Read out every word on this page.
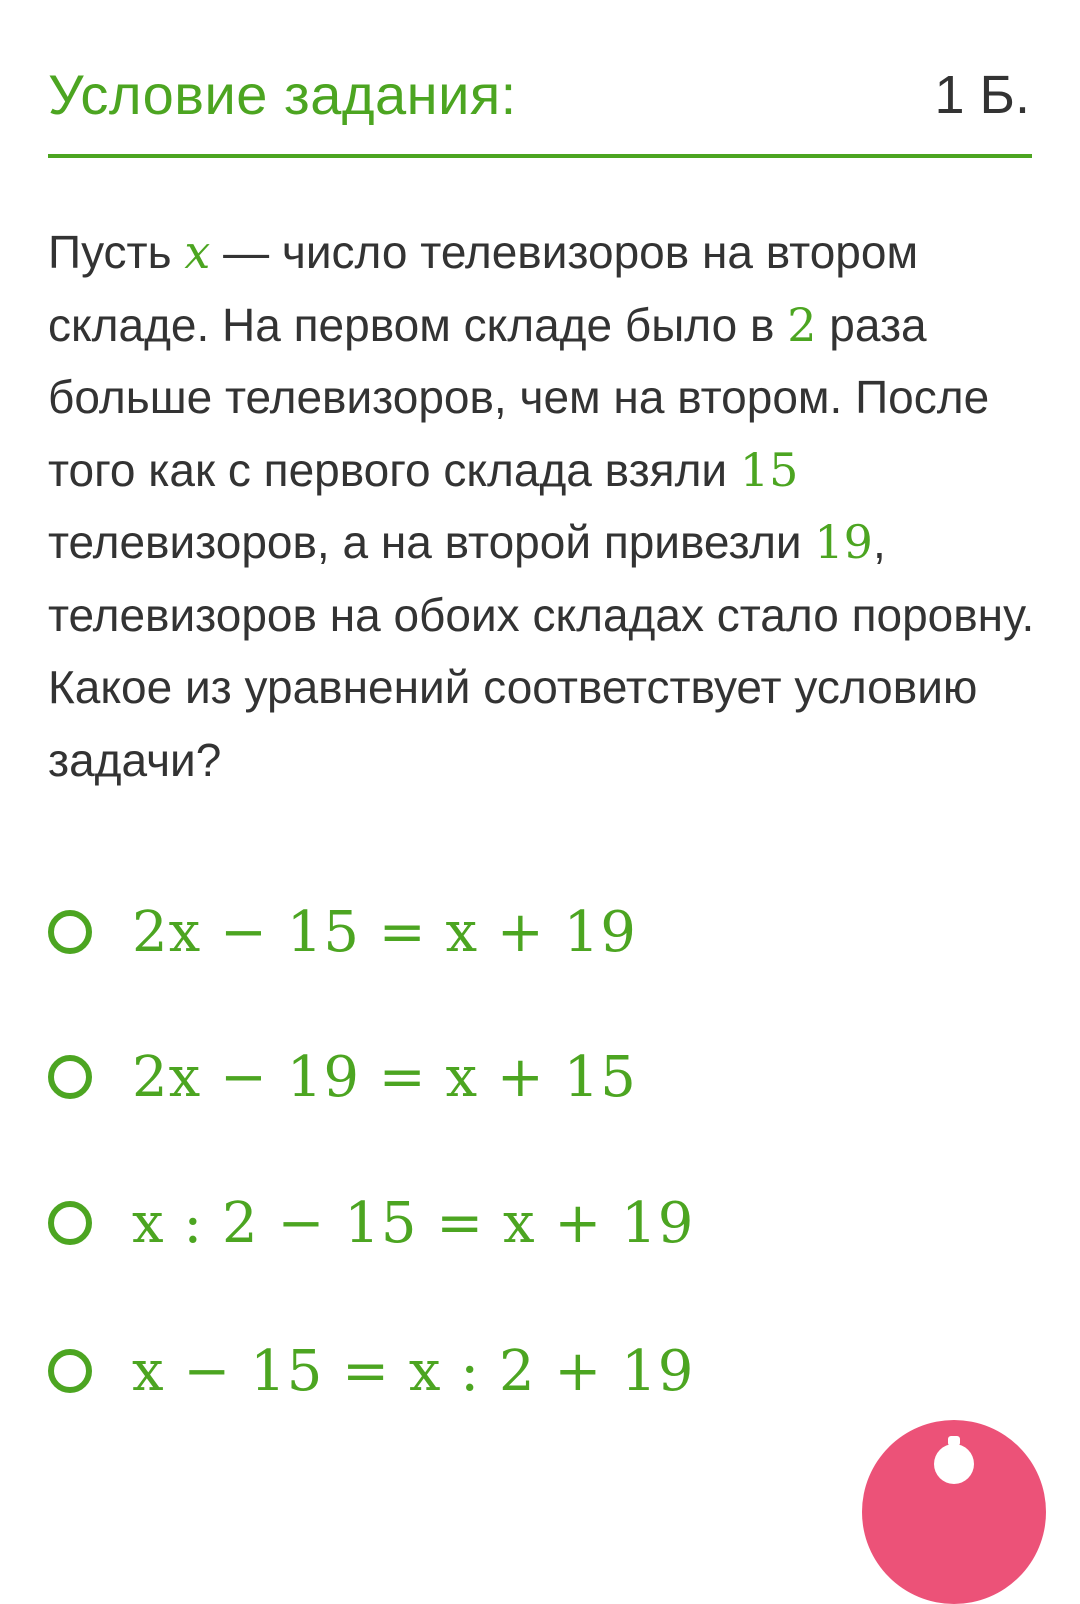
Условие задания:	1 Б.

Пусть x — число телевизоров на втором складе. На первом складе было в 2 раза больше телевизоров, чем на втором. После того как с первого склада взяли 15 телевизоров, а на второй привезли 19, телевизоров на обоих складах стало поровну. Какое из уравнений соответствует условию задачи?

2x − 15 = x + 19
2x − 19 = x + 15
x : 2 − 15 = x + 19
x − 15 = x : 2 + 19
